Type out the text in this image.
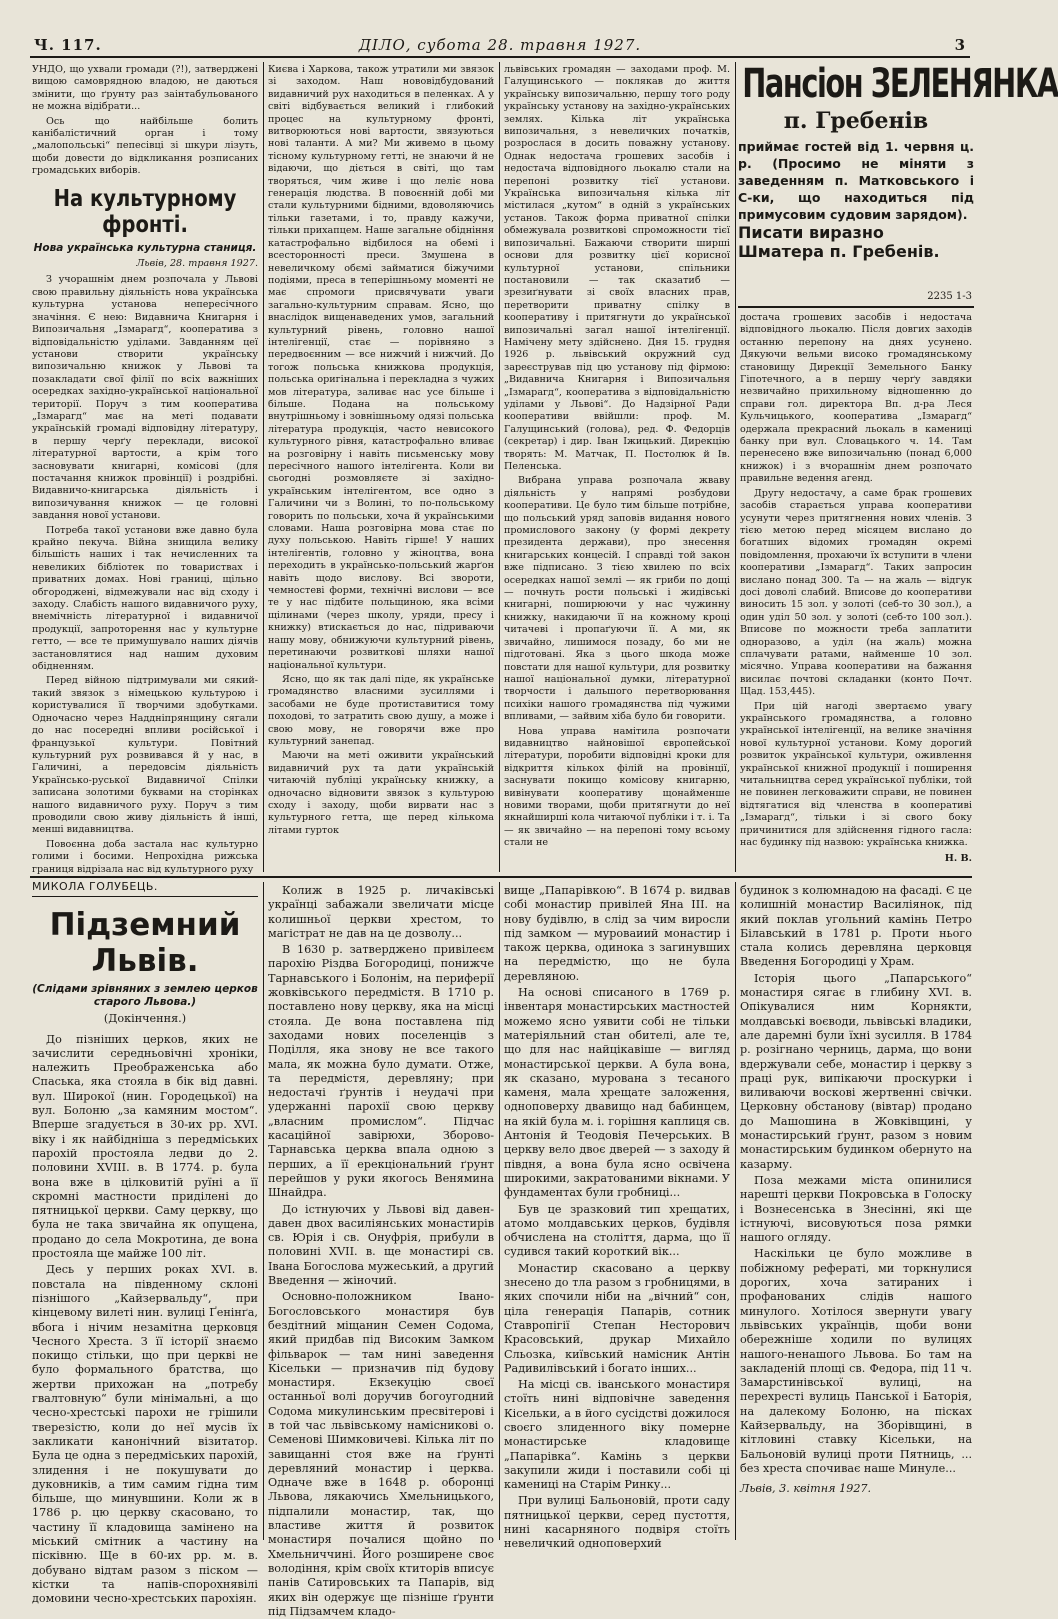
Ч. 117.	ДІЛО, субота 28. травня 1927.	3

УНДО, що ухвали громади (?!), затверджені вищою самоврядною владою, не даються змінити, що ґрунту раз заінтабульованого не можна відібрати...

Ось що найбільше болить канібалістичний орган і тому „малопольські“ пепесівці зі шкури лізуть, щоби довести до відкликання розписаних громадських виборів.

На культурному фронті.
Нова українська культурна станиця.
Львів, 28. травня 1927.

З учорашнім днем розпочала у Львові свою правильну діяльність нова українська культурна установа непересічного значіння. Є нею: Видавнича Книгарня і Випозичальня „Ізмарагд“, кооператива з відповідальністю уділами. Завданням цеї установи створити українську випозичальню книжок у Львові та позакладати свої філії по всіх важніших осередках західно-української національної території. Поруч з тим кооператива „Ізмарагд“ має на меті подавати українській громаді відповідну літературу, в першу черґу переклади, високої літературної вартости, а крім того засновувати книгарні, комісові (для постачання книжок провінції) і роздрібні. Видавничо-книгарська діяльність і випозичування книжок — це головні завдання нової установи.

Потреба такої установи вже давно була крайно пекуча. Війна знищила велику більшість наших і так нечисленних та невеликих бібліотек по товариствах і приватних домах. Нові границі, щільно обгороджені, відмежували нас від сходу і заходу. Слабість нашого видавничого руху, внемічність літературної і видавничої продукції, запроторення нас у культурне гетто, — все те примушувало наших діячів застановлятися над нашим духовим обідненням.

Перед війною підтримували ми сякий-такий звязок з німецькою культурою і користувалися її творчими здобутками. Одночасно через Наддніпрянщину сягали до нас посередні впливи російської і французької культури. Повітний культурний рух розвивався й у нас, в Галичині, а передовсім діяльність Українсько-руської Видавничої Спілки записана золотими буквами на сторінках нашого видавничого руху. Поруч з тим проводили свою живу діяльність й інші, менші видавництва.

Повоєнна доба застала нас культурно голими і босими. Непрохідна рижська границя відрізала нас від культурного руху

Києва і Харкова, також утратили ми звязок зі заходом. Наш нововідбудований видавничий рух находиться в пеленках. А у світі відбувається великий і глибокий процес на культурному фронті, витворюються нові вартости, звязуються нові таланти. А ми? Ми живемо в цьому тісному культурному гетті, не знаючи й не відаючи, що діється в світі, що там творяться, чим живе і що леліє нова генерація людства. В повоєнній добі ми стали культурними бідними, вдоволяючись тільки газетами, і то, правду кажучи, тільки прихапцем. Наше загальне обідніння катастрофально відбилося на обемі і всесторонності преси. Змушена в невеличкому обємі займатися біжучими подіями, преса в теперішньому моменті не має спромоги присвячувати уваги загально-культурним справам. Ясно, що внаслідок вищенаведених умов, загальний культурний рівень, головно нашої інтелігенції, стає — порівняно з передвоєнним — все нижчий і нижчий. До тогож польська книжкова продукція, польська оригінальна і перекладна з чужих мов література, заливає нас усе більше і більше. Подана на польському внутрішньому і зовнішньому одязі польська література продукція, часто невисокого культурного рівня, катастрофально вливає на розговірну і навіть письменську мову пересічного нашого інтелігента. Коли ви сьогодні розмовляєте зі західно-українським інтелігентом, все одно з Галичини чи з Волині, то по-польському говорить по польськи, хоча й українськими словами. Наша розговірна мова стає по духу польською. Навіть гірше! У наших інтелігентів, головно у жіноцтва, вона переходить в українсько-польський жарґон навіть щодо вислову. Всі звороти, чемностеві форми, технічні вислови — все те у нас підбите польщиною, яка всіми щілинами (через школу, уряди, пресу і книжку) втискається до нас, підриваючи нашу мову, обнижуючи культурний рівень, перетинаючи розвиткові шляхи нашої національної культури.

Ясно, що як так далі піде, як українське громадянство власними зусиллями і засобами не буде протиставитися тому походові, то затратить свою душу, а може і свою мову, не говорячи вже про культурний занепад.

Маючи на меті оживити український видавничий рух та дати українській читаючій публіці українську книжку, а одночасно відновити звязок з культурою сходу і заходу, щоби вирвати нас з культурного гетта, ще перед кількома літами гурток

львівських громадян — заходами проф. М. Галущинського — поклякав до життя українську випозичальню, першу того роду українську установу на західно-українських землях. Кілька літ українська випозичальня, з невеличких початків, розрослася в досить поважну установу. Однак недостача грошевих засобів і недостача відповідного льокалю стали на перепоні розвитку тієї установи. Українська випозичальня кілька літ містилася „кутом“ в одній з українських установ. Також форма приватної спілки обмежувала розвиткові спроможности тієї випозичальні. Бажаючи створити ширші основи для розвитку цієї корисної культурної установи, спільники постановили — так сказатиб — зрезиґнувати зі своїх власних прав, перетворити приватну спілку в кооперативу і притягнути до української випозичальні загал нашої інтелігенції. Намічену мету здійснено. Дня 15. грудня 1926 р. львівський окружний суд зареєстрував під цю установу під фірмою: „Видавнича Книгарня і Випозичальня „Ізмарагд“, кооператива з відповідальністю уділами у Львові“. До Надзірної Ради кооперативи ввійшли: проф. М. Галущинський (голова), ред. Ф. Федорців (секретар) і дир. Іван Іжицький. Дирекцію творять: М. Матчак, П. Постолюк й Ів. Пеленська.

Вибрана управа розпочала жваву діяльність у напрямі розбудови кооперативи. Це було тим більше потрібне, що польський уряд заповів видання нового промислового закону (у формі декрету президента держави), про знесення книгарських концесій. І справді той закон вже підписано. З тією хвилею по всіх осередках нашої землі — як гриби по дощі — почнуть рости польські і жидівські книгарні, поширюючи у нас чужинну книжку, накидаючи її на кожному кроці читачеві і пропаґуючи її. А ми, як звичайно, лишимося позаду, бо ми не підготовані. Яка з цього шкода може повстати для нашої культури, для розвитку нашої національної думки, літературної творчости і дальшого перетворювання психіки нашого громадянства під чужими впливами, — зайвим хіба було би говорити.

Нова управа намітила розпочати видавництво найновішої європейської літератури, поробити відповідні кроки для відкриття кількох філій на провінції, заснувати покищо комісову книгарню, вивінувати кооперативу щонайменше новими творами, щоби притягнути до неї якнайширші кола читаючої публіки і т. і. Та — як звичайно — на перепоні тому всьому стали не

Пансіон ЗЕЛЕНЯНКА
п. Гребенів
приймає гостей від 1. червня ц. р. (Просимо не міняти з заведенням п. Матковського і С-ки, що находиться під примусовим судовим зарядом).
Писати виразно Шматера п. Гребенів.
2235 1-3

достача грошевих засобів і недостача відповідного льокалю. Після довгих заходів останню перепону на днях усунено. Дякуючи вельми високо громадянському становищу Дирекції Земельного Банку Гіпотечного, а в першу черґу завдяки незвичайно прихильному відношенню до справи гол. директора Вп. д-ра Леся Кульчицького, кооператива „Ізмарагд“ одержала прекрасний льокаль в камениці банку при вул. Словацького ч. 14. Там перенесено вже випозичальню (понад 6,000 книжок) і з вчорашнім днем розпочато правильне ведення агенд.

Другу недостачу, а саме брак грошевих засобів старається управа кооперативи усунути через притягнення нових членів. З тією метою перед місяцем вислано до богатших відомих громадян окремі повідомлення, прохаючи їх вступити в члени кооперативи „Ізмарагд“. Таких запросин вислано понад 300. Та — на жаль — відгук досі доволі слабий. Вписове до кооперативи виносить 15 зол. у золоті (себ-то 30 зол.), а один уділ 50 зол. у золоті (себ-то 100 зол.). Вписове по можности треба заплатити одноразово, а уділ (на жаль) можна сплачувати ратами, найменше 10 зол. місячно. Управа кооперативи на бажання висилає почтові складанки (конто Почт. Щад. 153,445).

При цій нагоді звертаємо увагу українського громадянства, а головно української інтелігенції, на велике значіння нової культурної установи. Кому дорогий розвиток української культури, оживлення української книжної продукції і поширення читальництва серед української публіки, той не повинен легковажити справи, не повинен відтягатися від членства в кооперативі „Ізмарагд“, тільки і зі свого боку причинитися для здійснення гідного гасла: нас будинку під назвою: українська книжка.

Н. В.
МИКОЛА ГОЛУБЕЦЬ.
Підземний Львів.
(Слідами зрівняних з землею церков старого Львова.)
(Докінчення.)

До пізніших церков, яких не зачислити середньовічні хроніки, належить Преображенська або Спаська, яка стояла в бік від давні. вул. Широкої (нин. Городецької) на вул. Болоню „за камяним мостом“. Вперше згадується в 30-их рр. XVI. віку і як найбідніша з передміських парохій простояла ледви до 2. половини XVIII. в. В 1774. р. була вона вже в цілковитій руїні а її скромні мастности приділені до пятницької церкви. Саму церкву, що була не така звичайна як опущена, продано до села Мокротина, де вона простояла ще майже 100 літ.

Десь у перших роках XVI. в. повстала на південному склоні пізнішого „Кайзервальду“, при кінцевому вилеті нин. вулиці Ґенінґа, вбога і нічим незамітна церковця Чесного Хреста. З її історії знаємо покищо стільки, що при церкві не було формального братства, що жертви прихожан на „потребу гвалтовную“ були мінімальні, а що чесно-хрестські парохи не грішили тверезістю, коли до неї мусів їх закликати канонічний візитатор. Була це одна з передміських парохій, злидення і не покушувати до дуковників, а тим самим гідна тим більше, що минувшини. Коли ж в 1786 р. цю церкву скасовано, то частину її кладовища замінено на міський смітник а частину на піскiвню. Ще в 60-их рр. м. в. добувано відтам разом з піском — кістки та напів-спорохнявілі домовини чесно-хрестських парохіян.

Колиж в 1925 р. личаківські українці забажали звеличати місце колишньої церкви хрестом, то магістрат не дав на це дозволу...

В 1630 р. затверджено привілеєм парохію Різдва Богородиці, понижче Тарнавського і Болонім, на периферії жовківського передмістя. В 1710 р. поставлено нову церкву, яка на місці стояла. Де вона поставлена під заходами нових поселенців з Поділля, яка знову не все такого мала, як можна було думати. Отже, та передмістя, деревляну; при недостачі ґрунтів і неудачі при удержанні парохії свою церкву „власним промислом“. Підчас касаційної завірюхи, Зборово-Тарнавська церква впала одною з перших, а її ерекціональний ґрунт перейшов у руки якогось Венямина Шнайдра.

До істнуючих у Львові від давен-давен двох василіянських монастирів св. Юрія і св. Онуфрія, прибули в половині XVII. в. ще монастирі св. Івана Богослова мужеський, а другий Введення — жіночий.

Основно-положником Івано-Богословського монастиря був бездітний міщанин Семен Содома, який придбав під Високим Замком фільварок — там нині заведення Кісельки — призначив під будову монастиря. Екзекуцію своєї останньої волі доручив богоугодний Содома микулинським пресвітерові і в той час львівському намісникові о. Семенові Шимковичеві. Кілька літ по завищанні стоя вже на ґрунті деревляний монастир і церква. Одначе вже в 1648 р. оборонці Львова, лякаючись Хмельницького, підпалили монастир, так, що властиве життя й розвиток монастиря почалися щойно по Хмельниччині. Його розширене своє володіння, крім своїх ктиторів вписує панів Сатировських та Папарів, від яких він одержує ще пізніше ґрунти під Підзамчем кладо-

вище „Папарівкою“. В 1674 р. видвав собі монастир привілей Яна III. на нову будівлю, в слід за чим виросли під замком — муроваиий монастир і також церква, одинока з загинувших на передмістю, що не була деревляною.

На основі списаного в 1769 р. інвентаря монастирських мастностей можемо ясно уявити собі не тільки матеріяльний стан обителі, але те, що для нас найцікавіше — вигляд монастирської церкви. А була вона, як сказано, мурована з тесаного каменя, мала хрещате заложення, одноповерху двавищо над бабинцем, на якій була м. і. горішня каплиця св. Антонія й Теодовія Печерських. В церкву вело двоє дверей — з заходу й півдня, а вона була ясно освічена широкими, закратованими вікнами. У фундаментах були гробниці...

Був це зразковий тип хрещатих, атомо молдавських церков, будівля обчислена на століття, дарма, що її судився такий короткий вік...

Монастир скасовано а церкву знесено до тла разом з гробницями, в яких спочили ніби на „вічний“ сон, ціла генерація Папарів, сотник Ставропігії Степан Несторович Красовський, друкар Михайло Сльозка, київський намісник Антін Радивилівський і богато інших...

На місці св. іванського монастиря стоїть нині відповічне заведення Кісельки, а в його сусідстві дожилося своєго злиденного віку померне монастирське кладовище „Папарівка“. Камінь з церкви закупили жиди і поставили собі ці камениці на Старім Ринку...

При вулиці Бальоновій, проти саду пятницької церкви, серед пустоття, нині касарняного подвіря стоїть невеличкий одноповерхий

будинок з колюмнадою на фасаді. Є це колишній монастир Василіянок, під який поклав угольний камінь Петро Білавський в 1781 р. Проти нього стала колись деревляна церковця Введення Богородиці у Храм.

Історія цього „Папарського“ монастиря сягає в глибину XVI. в. Опікувалися ним Корнякти, молдавські воєводи, львівські владики, але даремні були їхні зусилля. В 1784 р. розігнано черниць, дарма, що вони вдержували себе, монастир і церкву з праці рук, випікаючи проскурки і виливаючи воскові жертвенні свічки. Церковну обстанову (вівтар) продано до Машошина в Жовківщині, у монастирський ґрунт, разом з новим монастирським будинком обернуто на казарму.

Поза межами міста опинилися нарешті церкви Покровська в Голоску і Вознесенська в Знесінні, які ще істнуючі, висовуються поза рямки нашого огляду.

Наскільки це було можливе в побіжному рефераті, ми торкнулися дорогих, хоча затираних і профанованих слідів нашого минулого. Хотілося звернути увагу львівських українців, щоби вони обережніше ходили по вулицях нашого-ненашого Львова. Бо там на закладеній площі св. Федора, під 11 ч. Замарстинівської вулиці, на перехресті вулиць Панської і Баторія, на далекому Болоню, на пісках Кайзервальду, на Зборівщині, в кітловині ставку Кісельки, на Бальоновій вулиці проти Пятниць, ... без хреста спочиває наше Минуле...

Львів, 3. квітня 1927.
